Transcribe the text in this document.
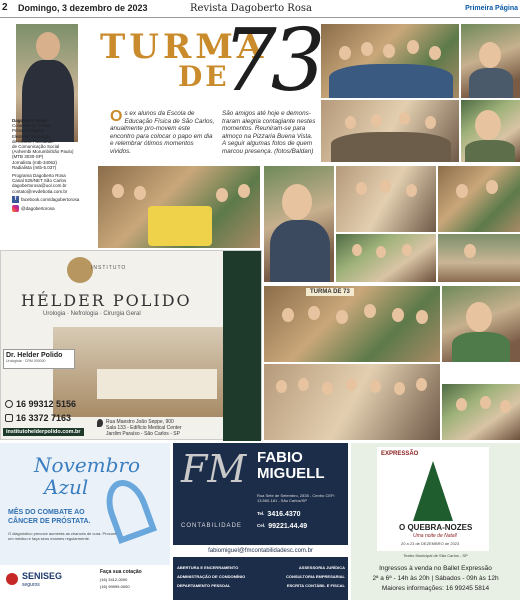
2 Domingo, 3 dezembro de 2023	Revista Dagoberto Rosa	Primeira Página
Dagoberto Rosa
Colunista do Jornal
Primeira Página
Eleito na instituição
de ensino Faculdade
de Comunicação Social
(Anhembi Morumbi/São Paulo)
(MTB 3030-SP)
Jornalista (mtb-34062)
Radialista (mtb-5.037)
Programa Dagoberto Rosa
Canal 526/NET São Carlos
dagobertorosa@uol.com.br
contato@revdebotia.com.br
f	facebook.com/dagobertorosa
@dagobertorosa
TURMA
DE
73
Os ex alunos da Escola de Educação Física de São Carlos, anualmente pro-movem este encontro para colocar o papo em dia e relembrar ótimos momentos vividos.
São amigos até hoje e demons-traram alegria contagiante nestes momentos. Reuniram-se para almoço na Pizzaria Buena Vista. A seguir algumas fotos de quem marcou presença. (fotos/Baldan)
TURMA DE 73
INSTITUTO
HÉLDER POLIDO
Urologia · Nefrologia · Cirurgia Geral
Dr. Helder Polido
Urologista · CRM 000000
16 99312 5156
16 3372 7163
institutohelderpolido.com.br
Rua Maestro João Seppe, 900
Sala 133 - Edifício Medical Center
Jardim Paraíso - São Carlos - SP
Novembro
Azul
MÊS DO COMBATE AO
CÂNCER DE PRÓSTATA.
O diagnóstico precoce aumenta as chances de cura. Procure um médico e faça seus exames regularmente.
SENISEG
seguros
Faça sua cotação
(16) 3412-0000
(16) 99999-0000
FM
CONTABILIDADE
FABIO
MIGUELL
Rua Sete de Setembro, 2835 - Centro CEP.: 13.560-181 - São Carlos/SP
Tel. 3416.4370
Cel. 99221.44.49
fabiomiguel@fmcontabilidadesc.com.br
ABERTURA E ENCERRAMENTO	ASSESSORIA JURÍDICA
ADMINISTRAÇÃO DE CONDOMÍNIO	CONSULTORIA EMPRESARIAL
DEPARTAMENTO PESSOAL	ESCRITA CONTÁBIL E FISCAL
EXPRESSÃO
O QUEBRA-NOZES
Uma noite de Natal!
20 a 23 de DEZEMBRO de 2023
Teatro Municipal de São Carlos - SP
Ingressos à venda no Ballet Expressão
2ª a 6ª - 14h às 20h | Sábados - 09h às 12h
Maiores informações: 16 99245 5814
